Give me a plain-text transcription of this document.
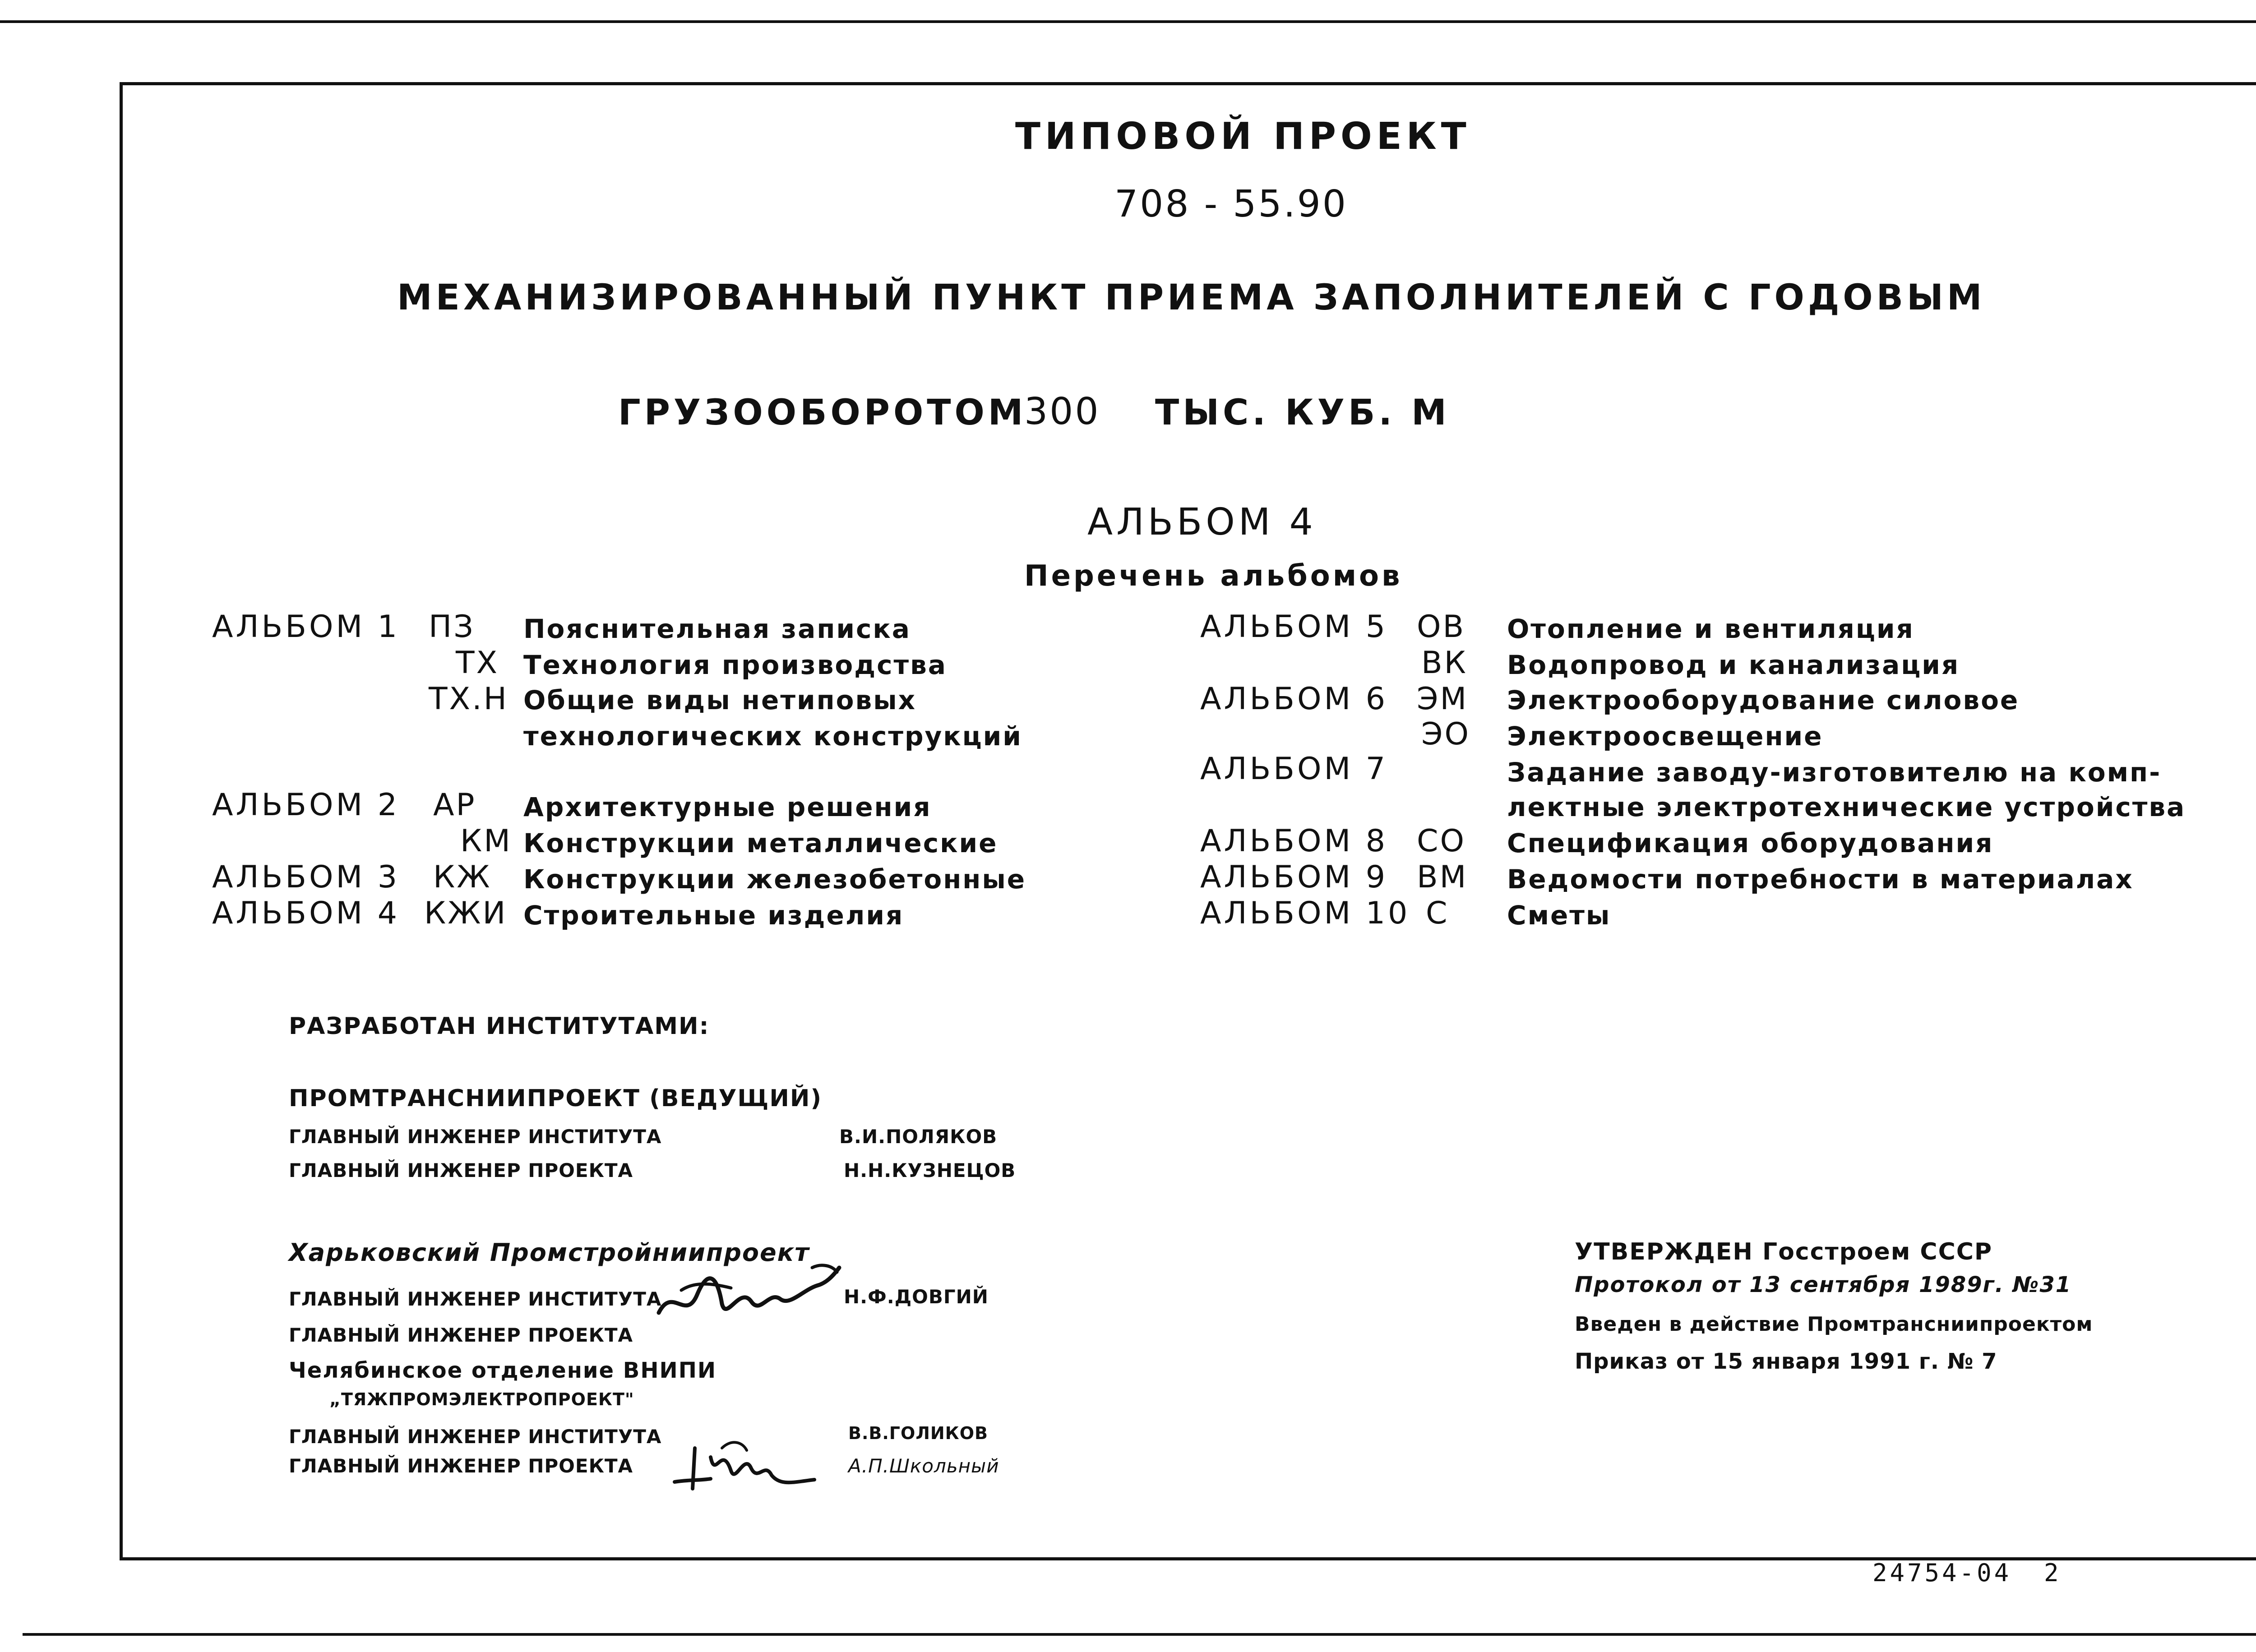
ТИПОВОЙ ПРОЕКТ
708 - 55.90
МЕХАНИЗИРОВАННЫЙ ПУНКТ ПРИЕМА ЗАПОЛНИТЕЛЕЙ С ГОДОВЫМ
ГРУЗООБОРОТОМ
300 ТЫС. КУБ. М
АЛЬБОМ 4
Перечень альбомов
АЛЬБОМ 1 ПЗ Пояснительная записка
ТХ Технология производства
ТХ.Н Общие виды нетиповых
технологических конструкций
АЛЬБОМ 2 АР Архитектурные решения
КМ Конструкции металлические
АЛЬБОМ 3 КЖ Конструкции железобетонные
АЛЬБОМ 4 КЖИ Строительные изделия
АЛЬБОМ 5 ОВ Отопление и вентиляция
ВК Водопровод и канализация
АЛЬБОМ 6 ЭМ Электрооборудование силовое
ЭО Электроосвещение
АЛЬБОМ 7	Задание заводу-изготовителю на комп-
лектные электротехнические устройства
АЛЬБОМ 8 СО Спецификация оборудования
АЛЬБОМ 9 ВМ Ведомости потребности в материалах
АЛЬБОМ 10 С Сметы
РАЗРАБОТАН ИНСТИТУТАМИ:
ПРОМТРАНСНИИПРОЕКТ (ВЕДУЩИЙ)
ГЛАВНЫЙ ИНЖЕНЕР ИНСТИТУТА	В.И.ПОЛЯКОВ
ГЛАВНЫЙ ИНЖЕНЕР ПРОЕКТА	Н.Н.КУЗНЕЦОВ
Харьковский Промстройниипроект
ГЛАВНЫЙ ИНЖЕНЕР ИНСТИТУТА	Н.Ф.ДОВГИЙ
ГЛАВНЫЙ ИНЖЕНЕР ПРОЕКТА
Челябинское отделение ВНИПИ
„ТЯЖПРОМЭЛЕКТРОПРОЕКТ"
ГЛАВНЫЙ ИНЖЕНЕР ИНСТИТУТА	В.В.ГОЛИКОВ
ГЛАВНЫЙ ИНЖЕНЕР ПРОЕКТА	А.П.Школьный
УТВЕРЖДЕН Госстроем СССР
Протокол от 13 сентября 1989г. №31
Введен в действие Промтрансниипроектом
Приказ от 15 января 1991 г. № 7
24754-04 2
